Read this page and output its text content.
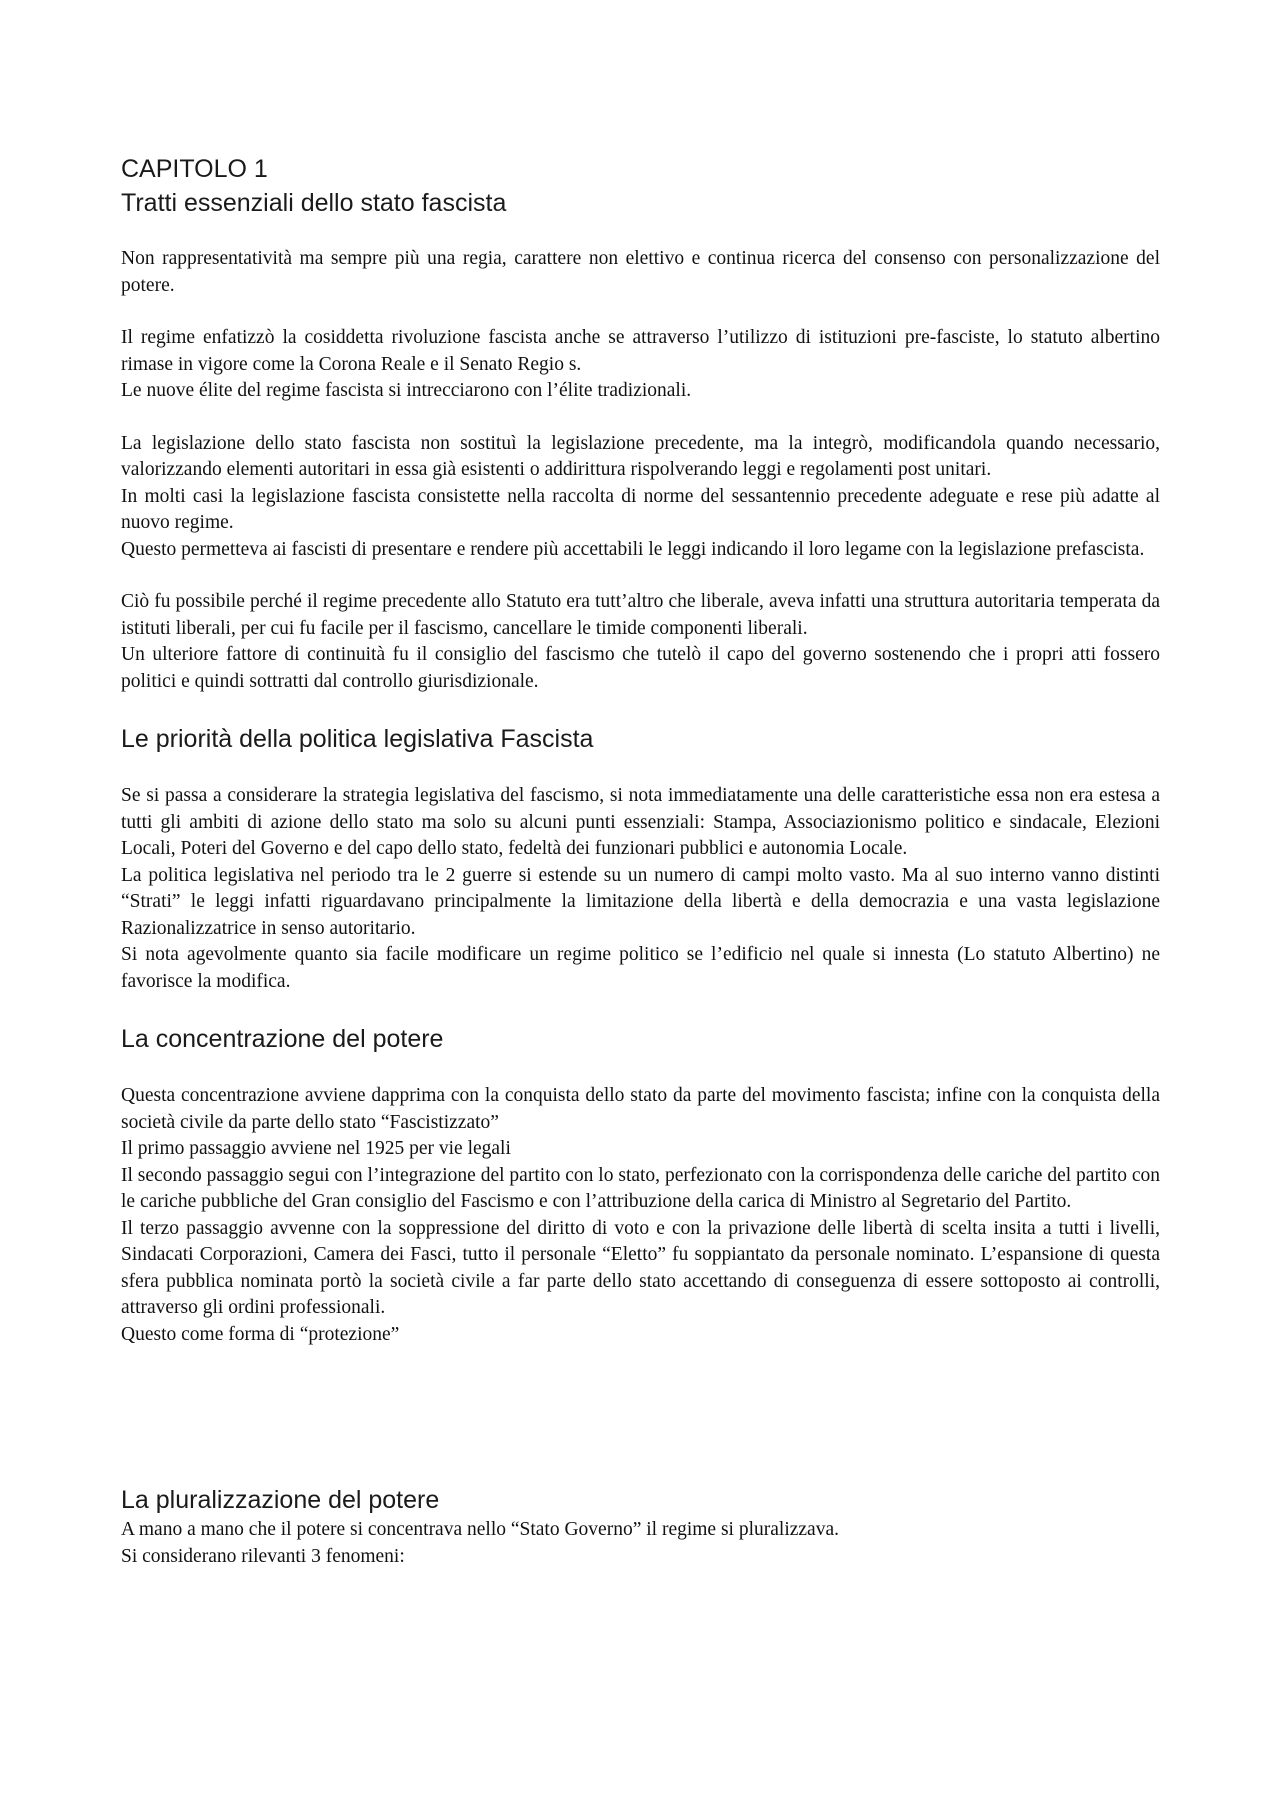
CAPITOLO 1
Tratti essenziali dello stato fascista

Non rappresentatività ma sempre più una regia, carattere non elettivo e continua ricerca del consenso con personalizzazione del potere.

Il regime enfatizzò la cosiddetta rivoluzione fascista anche se attraverso l’utilizzo di istituzioni pre-fasciste, lo statuto albertino rimase in vigore come la Corona Reale e il Senato Regio s.

Le nuove élite del regime fascista si intrecciarono con l’élite tradizionali.

La legislazione dello stato fascista non sostituì la legislazione precedente, ma la integrò, modificandola quando necessario, valorizzando elementi autoritari in essa già esistenti o addirittura rispolverando leggi e regolamenti post unitari.

In molti casi la legislazione fascista consistette nella raccolta di norme del sessantennio precedente adeguate e rese più adatte al nuovo regime.

Questo permetteva ai fascisti di presentare e rendere più accettabili le leggi indicando il loro legame con la legislazione prefascista.

Ciò fu possibile perché il regime precedente allo Statuto era tutt’altro che liberale, aveva infatti una struttura autoritaria temperata da istituti liberali, per cui fu facile per il fascismo, cancellare le timide componenti liberali.

Un ulteriore fattore di continuità fu il consiglio del fascismo che tutelò il capo del governo sostenendo che i propri atti fossero politici e quindi sottratti dal controllo giurisdizionale.

Le priorità della politica legislativa Fascista

Se si passa a considerare la strategia legislativa del fascismo, si nota immediatamente una delle caratteristiche essa non era estesa a tutti gli ambiti di azione dello stato ma solo su alcuni punti essenziali: Stampa, Associazionismo politico e sindacale, Elezioni Locali, Poteri del Governo e del capo dello stato, fedeltà dei funzionari pubblici e autonomia Locale.

La politica legislativa nel periodo tra le 2 guerre si estende su un numero di campi molto vasto. Ma al suo interno vanno distinti “Strati” le leggi infatti riguardavano principalmente la limitazione della libertà e della democrazia e una vasta legislazione Razionalizzatrice in senso autoritario.

Si nota agevolmente quanto sia facile modificare un regime politico se l’edificio nel quale si innesta (Lo statuto Albertino) ne favorisce la modifica.

La concentrazione del potere

Questa concentrazione avviene dapprima con la conquista dello stato da parte del movimento fascista; infine con la conquista della società civile da parte dello stato “Fascistizzato”

Il primo passaggio avviene nel 1925 per vie legali

Il secondo passaggio segui con l’integrazione del partito con lo stato, perfezionato con la corrispondenza delle cariche del partito con le cariche pubbliche del Gran consiglio del Fascismo e con l’attribuzione della carica di Ministro al Segretario del Partito.

Il terzo passaggio avvenne con la soppressione del diritto di voto e con la privazione delle libertà di scelta insita a tutti i livelli, Sindacati Corporazioni, Camera dei Fasci, tutto il personale “Eletto” fu soppiantato da personale nominato. L’espansione di questa sfera pubblica nominata portò la società civile a far parte dello stato accettando di conseguenza di essere sottoposto ai controlli, attraverso gli ordini professionali.

Questo come forma di “protezione”

La pluralizzazione del potere

A mano a mano che il potere si concentrava nello “Stato Governo” il regime si pluralizzava.

Si considerano rilevanti 3 fenomeni:
